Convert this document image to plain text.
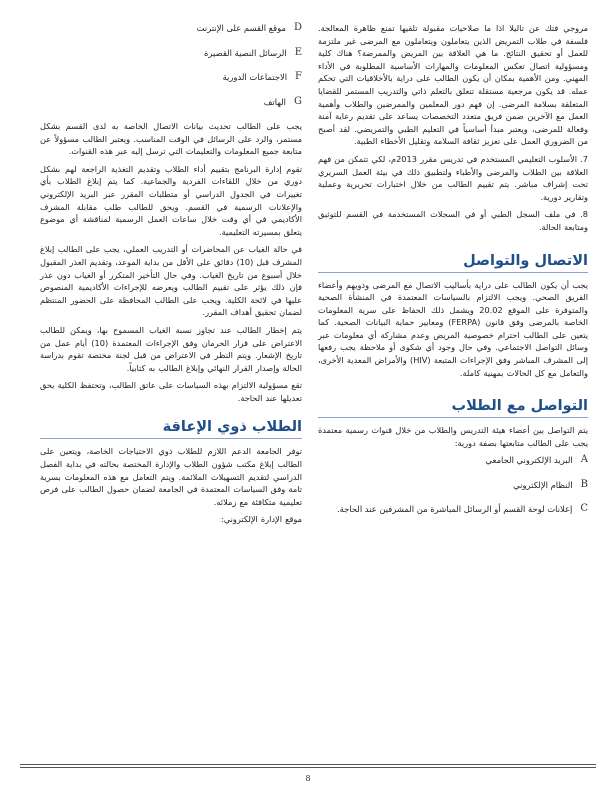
مروجي فتك عن تاليلا اذا ما صلاحيات مقبولة تلقيها تمنع ظاهرة المعالجة. فلسفة في طلاب التمريض الذين يتعاملون ويتعاملون مع المرضى غير ملتزمة للعمل أو تحقيق النتائج. ما هي العلاقة بين المريض والممرضة؟ هناك كلية ومسؤولية اتصال تعكس المعلومات والمهارات الأساسية المطلوبة في الأداء المهني. ومن الأهمية بمكان أن يكون الطالب على دراية بالأخلاقيات التي تحكم عمله. قد يكون مرجعية مستقلة تتعلق بالتعلم ذاتي والتدريب المستمر للقضايا المتعلقة بسلامة المرضى. إن فهم دور المعلمين والممرضين والطلاب وأهمية العمل مع الآخرين ضمن فريق متعدد التخصصات يساعد على تقديم رعاية آمنة وفعالة للمرضى، ويعتبر مبدأ أساسياً في التعليم الطبي والتمريضي. لقد أصبح من الضروري العمل على تعزيز ثقافة السلامة وتقليل الأخطاء الطبية.

7. الأسلوب التعليمي المستخدم في تدريس مقرر 2013م، لكي تتمكن من فهم العلاقة بين الطلاب والمرضى والأطباء ولتطبيق ذلك في بيئة العمل السريري تحت إشراف مباشر. يتم تقييم الطالب من خلال اختبارات تحريرية وعملية وتقارير دورية.

8. في ملف السجل الطبي أو في السجلات المستخدمة في القسم للتوثيق ومتابعة الحالة.

الاتصال والتواصل

يجب أن يكون الطالب على دراية بأساليب الاتصال مع المرضى وذويهم وأعضاء الفريق الصحي. ويجب الالتزام بالسياسات المعتمدة في المنشأة الصحية والمتوفرة على الموقع 20.02 ويشمل ذلك الحفاظ على سرية المعلومات الخاصة بالمرضى وفق قانون (FERPA) ومعايير حماية البيانات الصحية. كما يتعين على الطالب احترام خصوصية المريض وعدم مشاركة أي معلومات عبر وسائل التواصل الاجتماعي. وفي حال وجود أي شكوى أو ملاحظة يجب رفعها إلى المشرف المباشر وفق الإجراءات المتبعة (HIV) والأمراض المعدية الأخرى، والتعامل مع كل الحالات بمهنية كاملة.

التواصل مع الطلاب

يتم التواصل بين أعضاء هيئة التدريس والطلاب من خلال قنوات رسمية معتمدة يجب على الطالب متابعتها بصفة دورية:

A
البريد الإلكتروني الجامعي
B
النظام الإلكتروني
C
إعلانات لوحة القسم أو الرسائل المباشرة من المشرفين عند الحاجة.
D
موقع القسم على الإنترنت
E
الرسائل النصية القصيرة
F
الاجتماعات الدورية
G
الهاتف

يجب على الطالب تحديث بيانات الاتصال الخاصة به لدى القسم بشكل مستمر، والرد على الرسائل في الوقت المناسب. ويعتبر الطالب مسؤولاً عن متابعة جميع المعلومات والتعليمات التي ترسل إليه عبر هذه القنوات.

تقوم إدارة البرنامج بتقييم أداء الطلاب وتقديم التغذية الراجعة لهم بشكل دوري من خلال اللقاءات الفردية والجماعية. كما يتم إبلاغ الطلاب بأي تغييرات في الجدول الدراسي أو متطلبات المقرر عبر البريد الإلكتروني والإعلانات الرسمية في القسم. ويحق للطالب طلب مقابلة المشرف الأكاديمي في أي وقت خلال ساعات العمل الرسمية لمناقشة أي موضوع يتعلق بمسيرته التعليمية.

في حالة الغياب عن المحاضرات أو التدريب العملي، يجب على الطالب إبلاغ المشرف قبل (10) دقائق على الأقل من بداية الموعد، وتقديم العذر المقبول خلال أسبوع من تاريخ الغياب. وفي حال التأخير المتكرر أو الغياب دون عذر فإن ذلك يؤثر على تقييم الطالب ويعرضه للإجراءات الأكاديمية المنصوص عليها في لائحة الكلية. ويجب على الطالب المحافظة على الحضور المنتظم لضمان تحقيق أهداف المقرر.

يتم إخطار الطالب عند تجاوز نسبة الغياب المسموح بها، ويمكن للطالب الاعتراض على قرار الحرمان وفق الإجراءات المعتمدة (10) أيام عمل من تاريخ الإشعار. ويتم النظر في الاعتراض من قبل لجنة مختصة تقوم بدراسة الحالة وإصدار القرار النهائي وإبلاغ الطالب به كتابياً.

تقع مسؤولية الالتزام بهذه السياسات على عاتق الطالب، وتحتفظ الكلية بحق تعديلها عند الحاجة.

الطلاب ذوي الإعاقة

توفر الجامعة الدعم اللازم للطلاب ذوي الاحتياجات الخاصة، ويتعين على الطالب إبلاغ مكتب شؤون الطلاب والإدارة المختصة بحالته في بداية الفصل الدراسي لتقديم التسهيلات الملائمة. ويتم التعامل مع هذه المعلومات بسرية تامة وفق السياسات المعتمدة في الجامعة لضمان حصول الطالب على فرص تعليمية متكافئة مع زملائه.

موقع الإدارة الإلكتروني:

8
